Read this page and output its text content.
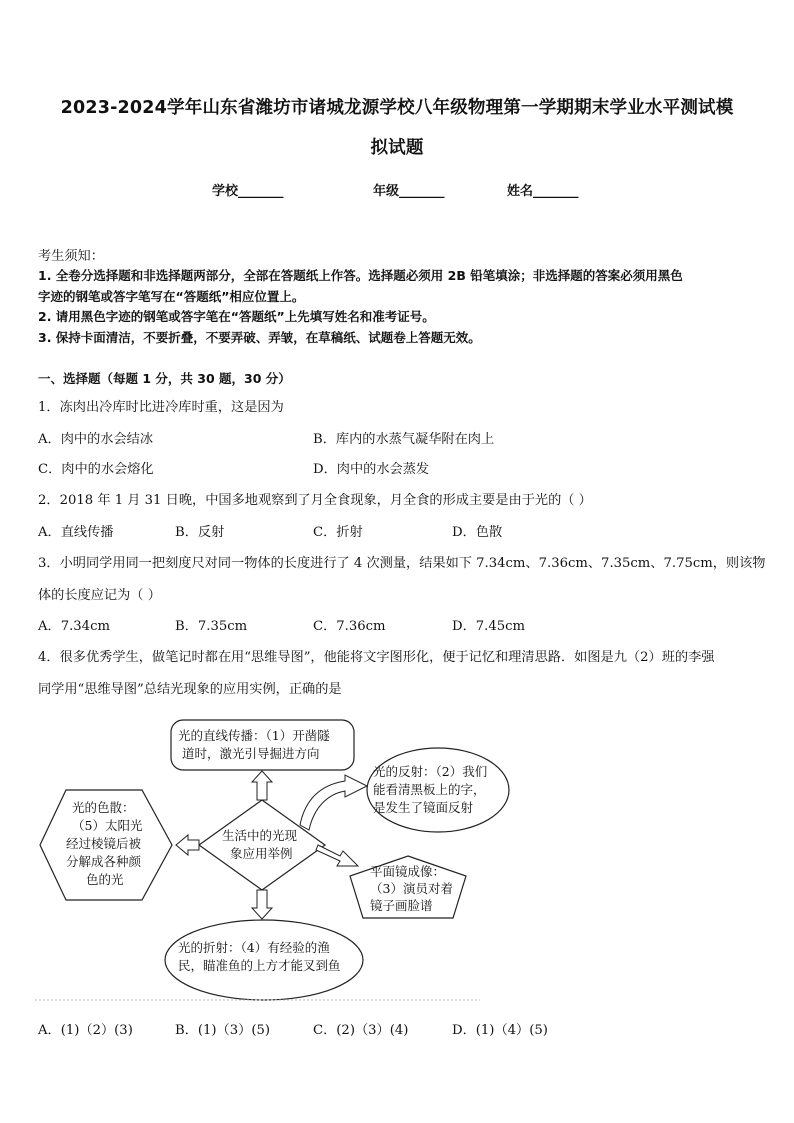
2023-2024学年山东省潍坊市诸城龙源学校八年级物理第一学期期末学业水平测试模
拟试题
学校_______	年级_______	姓名_______
考生须知：
1. 全卷分选择题和非选择题两部分，全部在答题纸上作答。选择题必须用 2B 铅笔填涂；非选择题的答案必须用黑色
字迹的钢笔或答字笔写在“答题纸”相应位置上。
2. 请用黑色字迹的钢笔或答字笔在“答题纸”上先填写姓名和准考证号。
3. 保持卡面清洁，不要折叠，不要弄破、弄皱，在草稿纸、试题卷上答题无效。
一、选择题（每题 1 分，共 30 题，30 分）
1．冻肉出冷库时比进冷库时重，这是因为
A．肉中的水会结冰	B．库内的水蒸气凝华附在肉上
C．肉中的水会熔化	D．肉中的水会蒸发
2．2018 年 1 月 31 日晚，中国多地观察到了月全食现象，月全食的形成主要是由于光的（ ）
A．直线传播	B．反射	C．折射	D．色散
3．小明同学用同一把刻度尺对同一物体的长度进行了 4 次测量，结果如下 7.34cm、7.36cm、7.35cm、7.75cm，则该物
体的长度应记为（ ）
A．7.34cm	B．7.35cm	C．7.36cm	D．7.45cm
4．很多优秀学生，做笔记时都在用“思维导图”，他能将文字图形化，便于记忆和理清思路．如图是九（2）班的李强
同学用“思维导图”总结光现象的应用实例，正确的是
生活中的光现
象应用举例
光的直线传播：（1）开凿隧
道时，激光引导掘进方向
光的反射：（2）我们
能看清黑板上的字，
是发生了镜面反射
平面镜成像：
（3）演员对着
镜子画脸谱
光的折射：（4）有经验的渔
民，瞄准鱼的上方才能叉到鱼
光的色散：
（5）太阳光
经过棱镜后被
分解成各种颜
色的光
A．(1)（2）(3)	B．(1)（3）(5)	C．(2)（3）(4)	D．(1)（4）(5)
